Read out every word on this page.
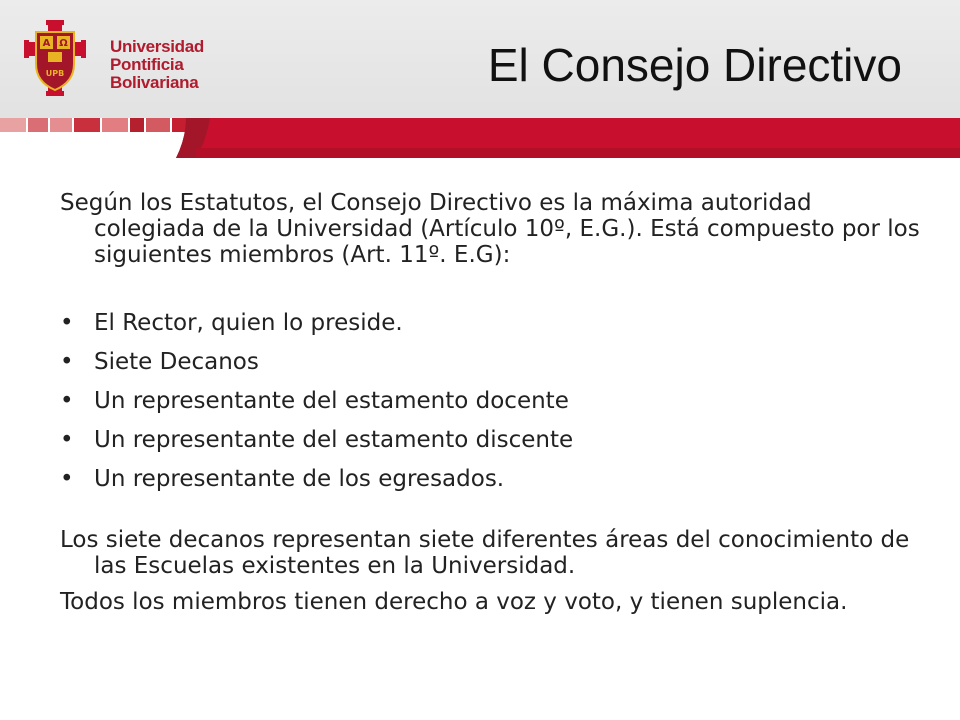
A Ω
UPB
Universidad
Pontificia
Bolivariana	El Consejo Directivo

Según los Estatutos, el Consejo Directivo es la máxima autoridad colegiada de la Universidad (Artículo 10º, E.G.). Está compuesto por los siguientes miembros (Art. 11º. E.G):

• El Rector, quien lo preside.
• Siete Decanos
• Un representante del estamento docente
• Un representante del estamento discente
• Un representante de los egresados.

Los siete decanos representan siete diferentes áreas del conocimiento de las Escuelas existentes en la Universidad.

Todos los miembros tienen derecho a voz y voto, y tienen suplencia.
